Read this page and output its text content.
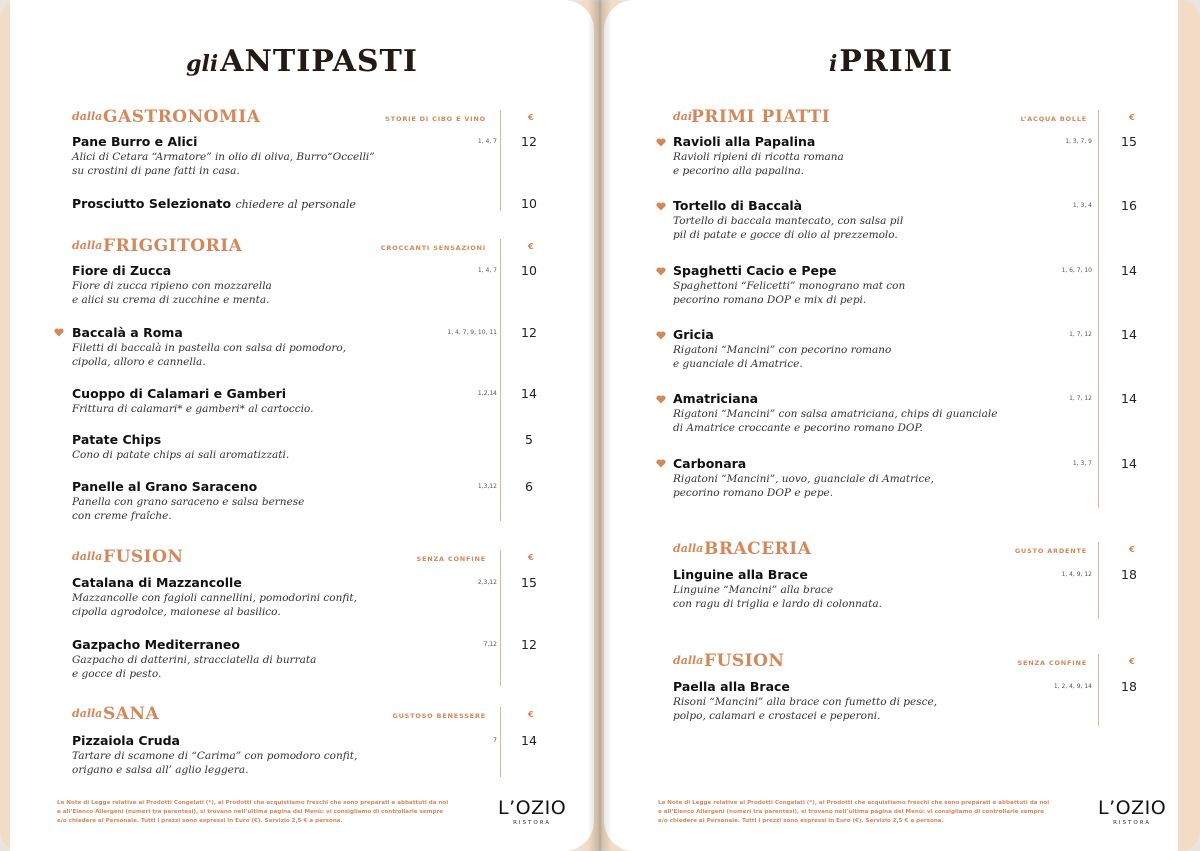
gliANTIPASTI
dalla GASTRONOMIA	STORIE DI CIBO E VINO	€
Pane Burro e Alici
Alici di Cetara “Armatore” in olio di oliva, Burro“Occelli”
su crostini di pane fatti in casa.
1, 4, 7	12
Prosciutto Selezionato chiedere al personale	10
dalla FRIGGITORIA	CROCCANTI SENSAZIONI	€
Fiore di Zucca
Fiore di zucca ripieno con mozzarella
e alici su crema di zucchine e menta.
1, 4, 7	10
Baccalà a Roma
Filetti di baccalà in pastella con salsa di pomodoro,
cipolla, alloro e cannella.
1, 4, 7, 9, 10, 11	12
Cuoppo di Calamari e Gamberi
Frittura di calamari* e gamberi* al cartoccio.
1,2,14	14
Patate Chips
Cono di patate chips ai sali aromatizzati.
5
Panelle al Grano Saraceno
Panella con grano saraceno e salsa bernese
con creme fraîche.
1,3,12	6
dalla FUSION	SENZA CONFINE	€
Catalana di Mazzancolle
Mazzancolle con fagioli cannellini, pomodorini confit,
cipolla agrodolce, maionese al basilico.
2,3,12	15
Gazpacho Mediterraneo
Gazpacho di datterini, stracciatella di burrata
e gocce di pesto.
7,12	12
dalla SANA	GUSTOSO BENESSERE	€
Pizzaiola Cruda
Tartare di scamone di “Carima” con pomodoro confit,
origano e salsa all’ aglio leggera.
7	14
Le Note di Legge relative ai Prodotti Congelati (*), ai Prodotti che acquistiamo freschi che sono preparati e abbattuti da noi
e all’Elenco Allergeni (numeri tra parentesi), si trovano nell’ultima pagina del Menù: vi consigliamo di controllarle sempre
e/o chiedere al Personale. Tutti i prezzi sono espressi in Euro (€). Servizio 2,5 € a persona.
L’OZIO
RISTORA
iPRIMI
dai PRIMI PIATTI	L’ACQUA BOLLE	€
Ravioli alla Papalina
Ravioli ripieni di ricotta romana
e pecorino alla papalina.
1, 3, 7, 9	15
Tortello di Baccalà
Tortello di baccala mantecato, con salsa pil
pil di patate e gocce di olio al prezzemolo.
1, 3, 4	16
Spaghetti Cacio e Pepe
Spaghettoni “Felicetti” monograno mat con
pecorino romano DOP e mix di pepi.
1, 6, 7, 10	14
Gricia
Rigatoni “Mancini” con pecorino romano
e guanciale di Amatrice.
1, 7, 12	14
Amatriciana
Rigatoni “Mancini” con salsa amatriciana, chips di guanciale
di Amatrice croccante e pecorino romano DOP.
1, 7, 12	14
Carbonara
Rigatoni “Mancini”, uovo, guanciale di Amatrice,
pecorino romano DOP e pepe.
1, 3, 7	14
dalla BRACERIA	GUSTO ARDENTE	€
Linguine alla Brace
Linguine “Mancini” alla brace
con ragu di triglia e lardo di colonnata.
1, 4, 9, 12	18
dalla FUSION	SENZA CONFINE	€
Paella alla Brace
Risoni “Mancini” alla brace con fumetto di pesce,
polpo, calamari e crostacei e peperoni.
1, 2, 4, 9, 14	18
Le Note di Legge relative ai Prodotti Congelati (*), ai Prodotti che acquistiamo freschi che sono preparati e abbattuti da noi
e all’Elenco Allergeni (numeri tra parentesi), si trovano nell’ultima pagina del Menù: vi consigliamo di controllarle sempre
e/o chiedere al Personale. Tutti i prezzi sono espressi in Euro (€). Servizio 2,5 € a persona.
L’OZIO
RISTORA
